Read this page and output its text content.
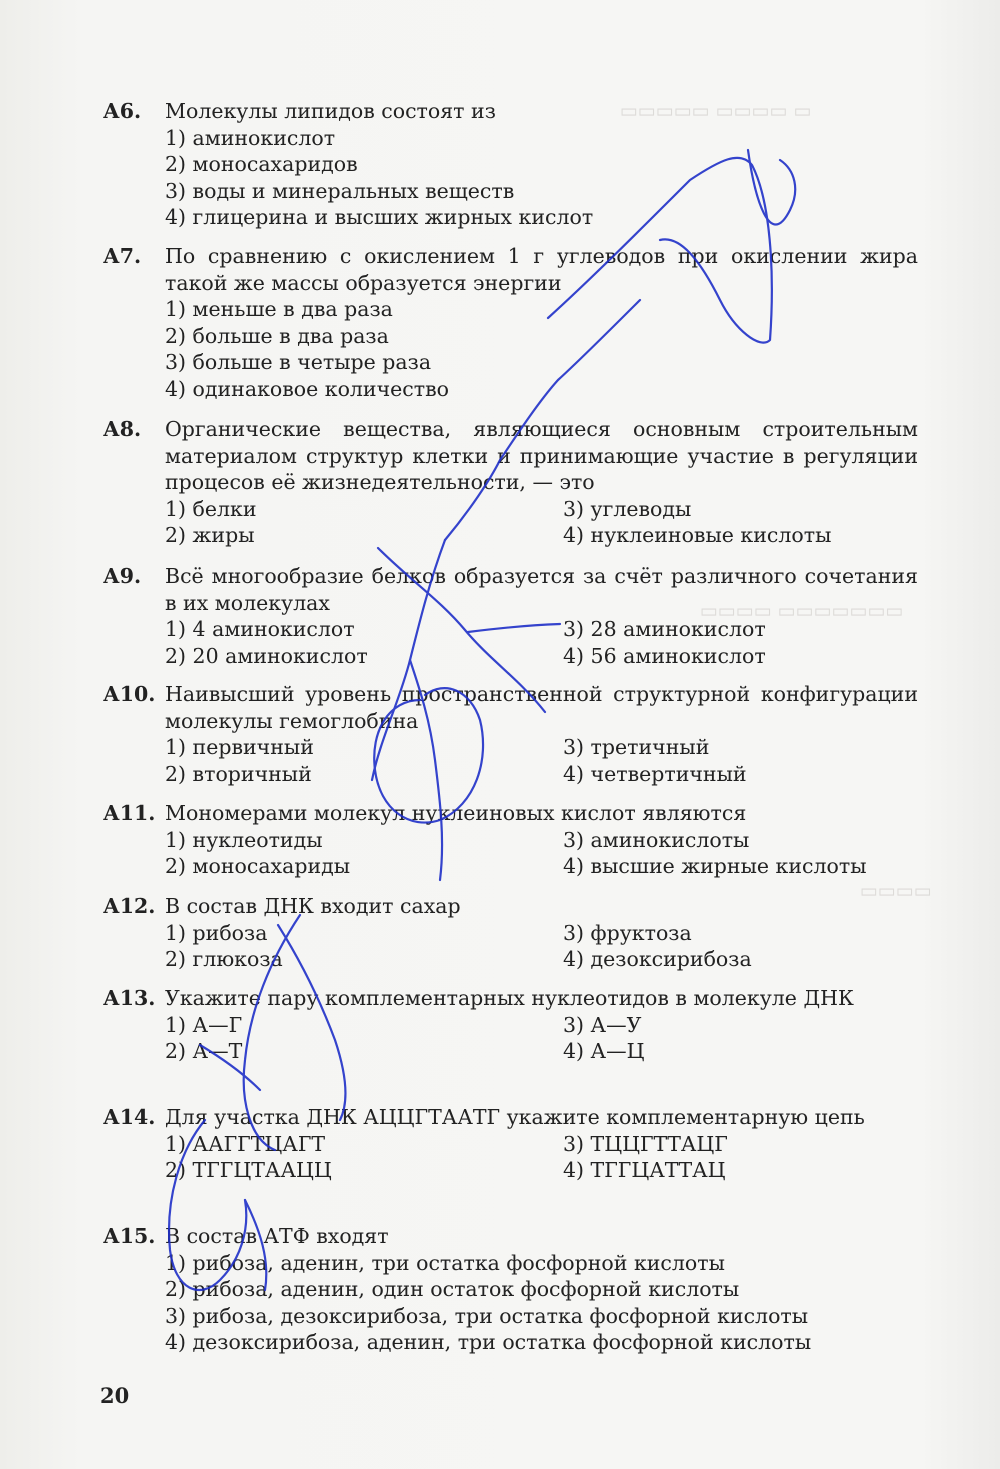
▭ ▭▭▭▭ ▭▭▭▭▭
▭▭▭▭▭▭▭ ▭▭▭▭
▭▭▭▭
А6.	Молекулы липидов состоят из
1) аминокислот
2) моносахаридов
3) воды и минеральных веществ
4) глицерина и высших жирных кислот
А7.	По сравнению с окислением 1 г углеводов при окислении жира такой же массы образуется энергии
1) меньше в два раза
2) больше в два раза
3) больше в четыре раза
4) одинаковое количество
А8.	Органические вещества, являющиеся основным строительным материалом структур клетки и принимающие участие в регуляции процесов её жизнедеятельности, — это
1) белки	3) углеводы
2) жиры	4) нуклеиновые кислоты
А9.	Всё многообразие белков образуется за счёт различного сочетания в их молекулах
1) 4 аминокислот	3) 28 аминокислот
2) 20 аминокислот	4) 56 аминокислот
А10. Наивысший уровень пространственной структурной конфигурации молекулы гемоглобина
1) первичный	3) третичный
2) вторичный	4) четвертичный
А11. Мономерами молекул нуклеиновых кислот являются
1) нуклеотиды	3) аминокислоты
2) моносахариды	4) высшие жирные кислоты
А12. В состав ДНК входит сахар
1) рибоза	3) фруктоза
2) глюкоза	4) дезоксирибоза
А13. Укажите пару комплементарных нуклеотидов в молекуле ДНК
1) А—Г	3) А—У
2) А—Т	4) А—Ц
А14. Для участка ДНК АЦЦГТААТГ укажите комплементарную цепь
1) ААГГТЦАГТ	3) ТЦЦГТТАЦГ
2) ТГГЦТААЦЦ	4) ТГГЦАТТАЦ
А15. В состав АТФ входят
1) рибоза, аденин, три остатка фосфорной кислоты
2) рибоза, аденин, один остаток фосфорной кислоты
3) рибоза, дезоксирибоза, три остатка фосфорной кислоты
4) дезоксирибоза, аденин, три остатка фосфорной кислоты
20
